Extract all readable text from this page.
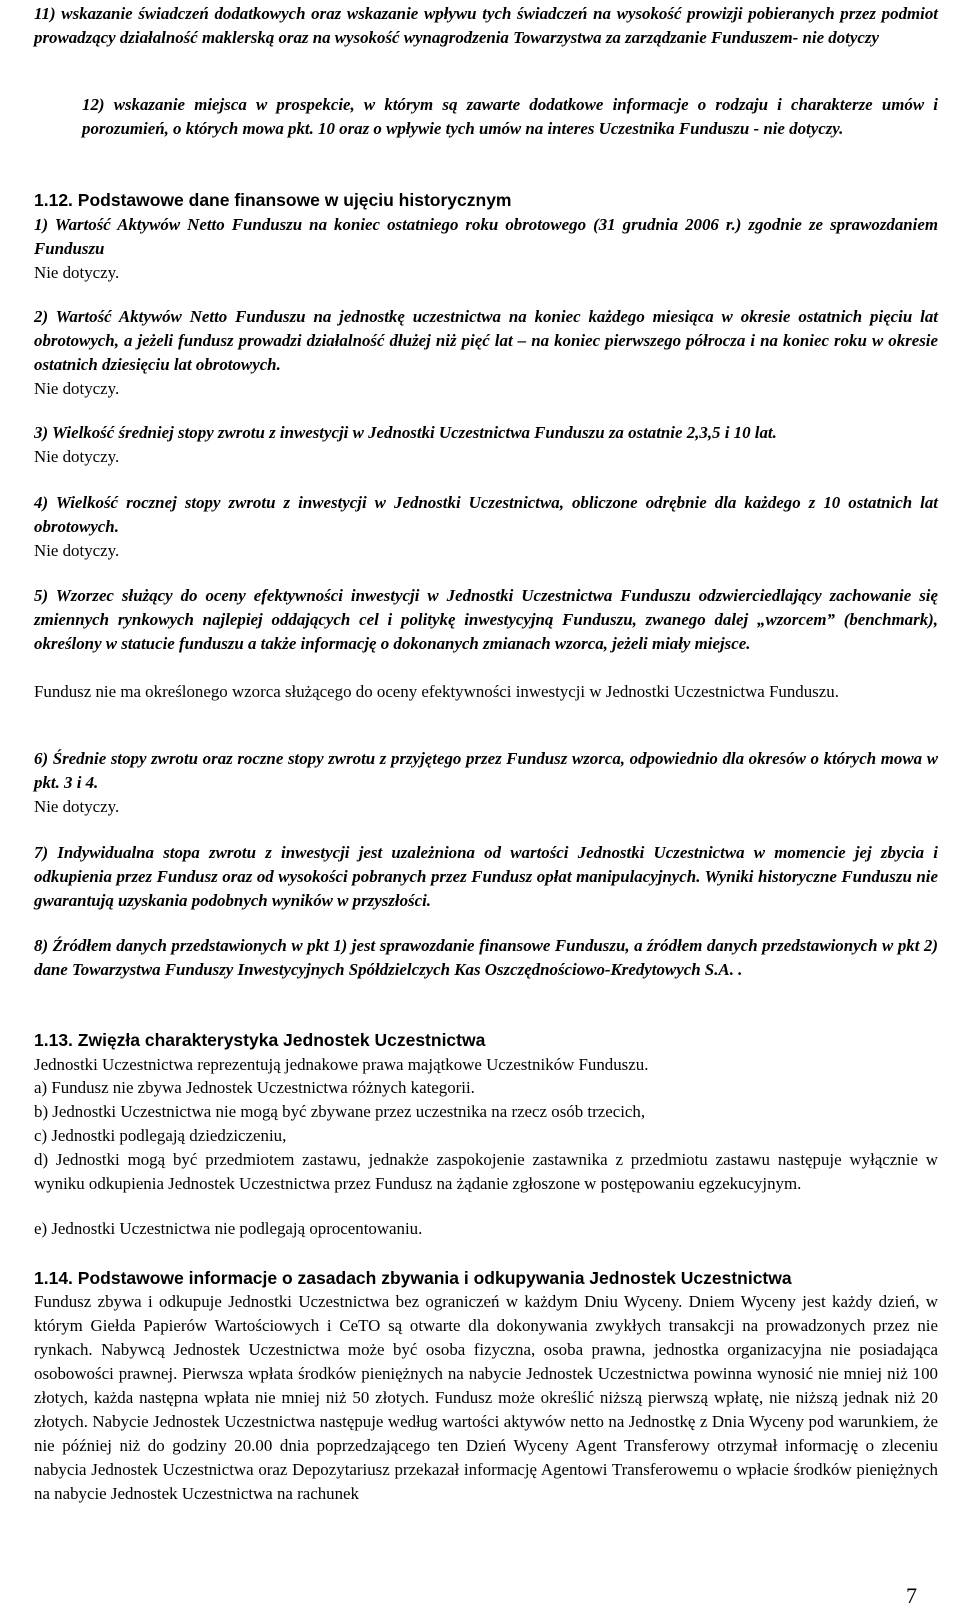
11) wskazanie świadczeń dodatkowych oraz wskazanie wpływu tych świadczeń na wysokość prowizji pobieranych przez podmiot prowadzący działalność maklerską oraz na wysokość wynagrodzenia Towarzystwa za zarządzanie Funduszem- nie dotyczy
12) wskazanie miejsca w prospekcie, w którym są zawarte dodatkowe informacje o rodzaju i charakterze umów i porozumień, o których mowa pkt. 10 oraz o wpływie tych umów na interes Uczestnika Funduszu - nie dotyczy.
1.12. Podstawowe dane finansowe w ujęciu historycznym
1) Wartość Aktywów Netto Funduszu na koniec ostatniego roku obrotowego (31 grudnia 2006 r.) zgodnie ze sprawozdaniem Funduszu
Nie dotyczy.
2) Wartość Aktywów Netto Funduszu na jednostkę uczestnictwa na koniec każdego miesiąca w okresie ostatnich pięciu lat obrotowych, a jeżeli fundusz prowadzi działalność dłużej niż pięć lat – na koniec pierwszego półrocza i na koniec roku w okresie ostatnich dziesięciu lat obrotowych.
Nie dotyczy.
3) Wielkość średniej stopy zwrotu z inwestycji w Jednostki Uczestnictwa Funduszu za ostatnie 2,3,5 i 10 lat.
Nie dotyczy.
4) Wielkość rocznej stopy zwrotu z inwestycji w Jednostki Uczestnictwa, obliczone odrębnie dla każdego z 10 ostatnich lat obrotowych.
Nie dotyczy.
5) Wzorzec służący do oceny efektywności inwestycji w Jednostki Uczestnictwa Funduszu odzwierciedlający zachowanie się zmiennych rynkowych najlepiej oddających cel i politykę inwestycyjną Funduszu, zwanego dalej „wzorcem” (benchmark), określony w statucie funduszu a także informację o dokonanych zmianach wzorca, jeżeli miały miejsce.
Fundusz nie ma określonego wzorca służącego do oceny efektywności inwestycji w Jednostki Uczestnictwa Funduszu.
6) Średnie stopy zwrotu oraz roczne stopy zwrotu z przyjętego przez Fundusz wzorca, odpowiednio dla okresów o których mowa w pkt. 3 i 4.
Nie dotyczy.
7) Indywidualna stopa zwrotu z inwestycji jest uzależniona od wartości Jednostki Uczestnictwa w momencie jej zbycia i odkupienia przez Fundusz oraz od wysokości pobranych przez Fundusz opłat manipulacyjnych. Wyniki historyczne Funduszu nie gwarantują uzyskania podobnych wyników w przyszłości.
8) Źródłem danych przedstawionych w pkt 1) jest sprawozdanie finansowe Funduszu, a źródłem danych przedstawionych w pkt 2) dane Towarzystwa Funduszy Inwestycyjnych Spółdzielczych Kas Oszczędnościowo-Kredytowych S.A. .
1.13. Zwięzła charakterystyka Jednostek Uczestnictwa
Jednostki Uczestnictwa reprezentują jednakowe prawa majątkowe Uczestników Funduszu.
a) Fundusz nie zbywa Jednostek Uczestnictwa różnych kategorii.
b) Jednostki Uczestnictwa nie mogą być zbywane przez uczestnika na rzecz osób trzecich,
c) Jednostki podlegają dziedziczeniu,
d) Jednostki mogą być przedmiotem zastawu, jednakże zaspokojenie zastawnika z przedmiotu zastawu następuje wyłącznie w wyniku odkupienia Jednostek Uczestnictwa przez Fundusz na żądanie zgłoszone w postępowaniu egzekucyjnym.
e) Jednostki Uczestnictwa nie podlegają oprocentowaniu.
1.14. Podstawowe informacje o zasadach zbywania i odkupywania Jednostek Uczestnictwa
Fundusz zbywa i odkupuje Jednostki Uczestnictwa bez ograniczeń w każdym Dniu Wyceny. Dniem Wyceny jest każdy dzień, w którym Giełda Papierów Wartościowych i CeTO są otwarte dla dokonywania zwykłych transakcji na prowadzonych przez nie rynkach. Nabywcą Jednostek Uczestnictwa może być osoba fizyczna, osoba prawna, jednostka organizacyjna nie posiadająca osobowości prawnej. Pierwsza wpłata środków pieniężnych na nabycie Jednostek Uczestnictwa powinna wynosić nie mniej niż 100 złotych, każda następna wpłata nie mniej niż 50 złotych. Fundusz może określić niższą pierwszą wpłatę, nie niższą jednak niż 20 złotych. Nabycie Jednostek Uczestnictwa następuje według wartości aktywów netto na Jednostkę z Dnia Wyceny pod warunkiem, że nie później niż do godziny 20.00 dnia poprzedzającego ten Dzień Wyceny Agent Transferowy otrzymał informację o zleceniu nabycia Jednostek Uczestnictwa oraz Depozytariusz przekazał informację Agentowi Transferowemu o wpłacie środków pieniężnych na nabycie Jednostek Uczestnictwa na rachunek
7
